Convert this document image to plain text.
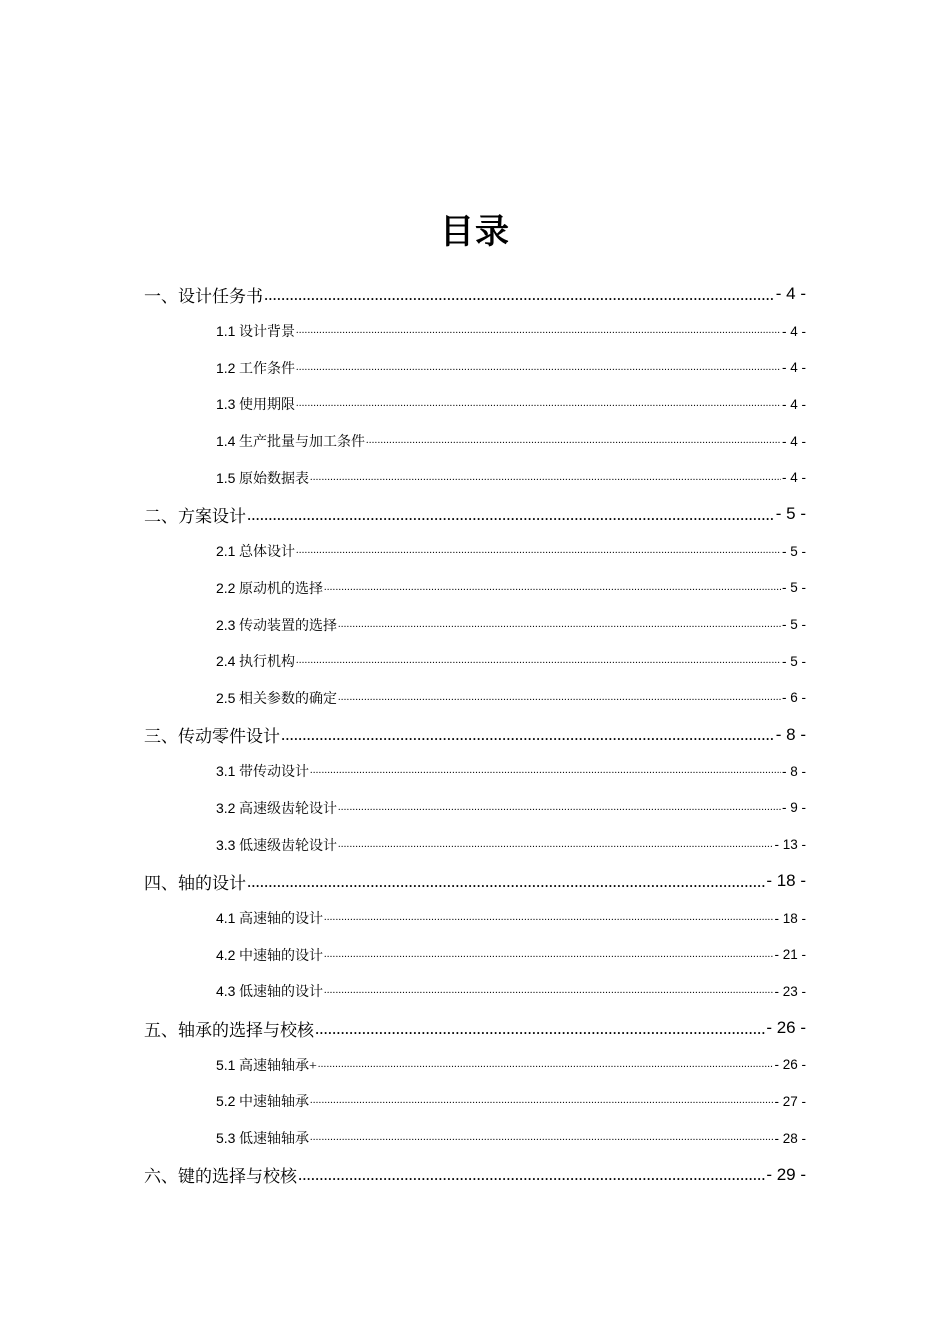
目录
一、设计任务书 .....	- 4 -
1.1 设计背景 .....	- 4 -
1.2 工作条件 .....	- 4 -
1.3 使用期限 .....	- 4 -
1.4 生产批量与加工条件 .....	- 4 -
1.5 原始数据表 .....	- 4 -
二、方案设计 .....	- 5 -
2.1 总体设计 .....	- 5 -
2.2 原动机的选择 .....	- 5 -
2.3 传动装置的选择 .....	- 5 -
2.4 执行机构 .....	- 5 -
2.5 相关参数的确定 .....	- 6 -
三、传动零件设计 .....	- 8 -
3.1 带传动设计 .....	- 8 -
3.2 高速级齿轮设计 .....	- 9 -
3.3 低速级齿轮设计 .....	- 13 -
四、轴的设计 .....	- 18 -
4.1 高速轴的设计 .....	- 18 -
4.2 中速轴的设计 .....	- 21 -
4.3 低速轴的设计 .....	- 23 -
五、轴承的选择与校核 .....	- 26 -
5.1 高速轴轴承+ .....	- 26 -
5.2 中速轴轴承 .....	- 27 -
5.3 低速轴轴承 .....	- 28 -
六、键的选择与校核 .....	- 29 -
